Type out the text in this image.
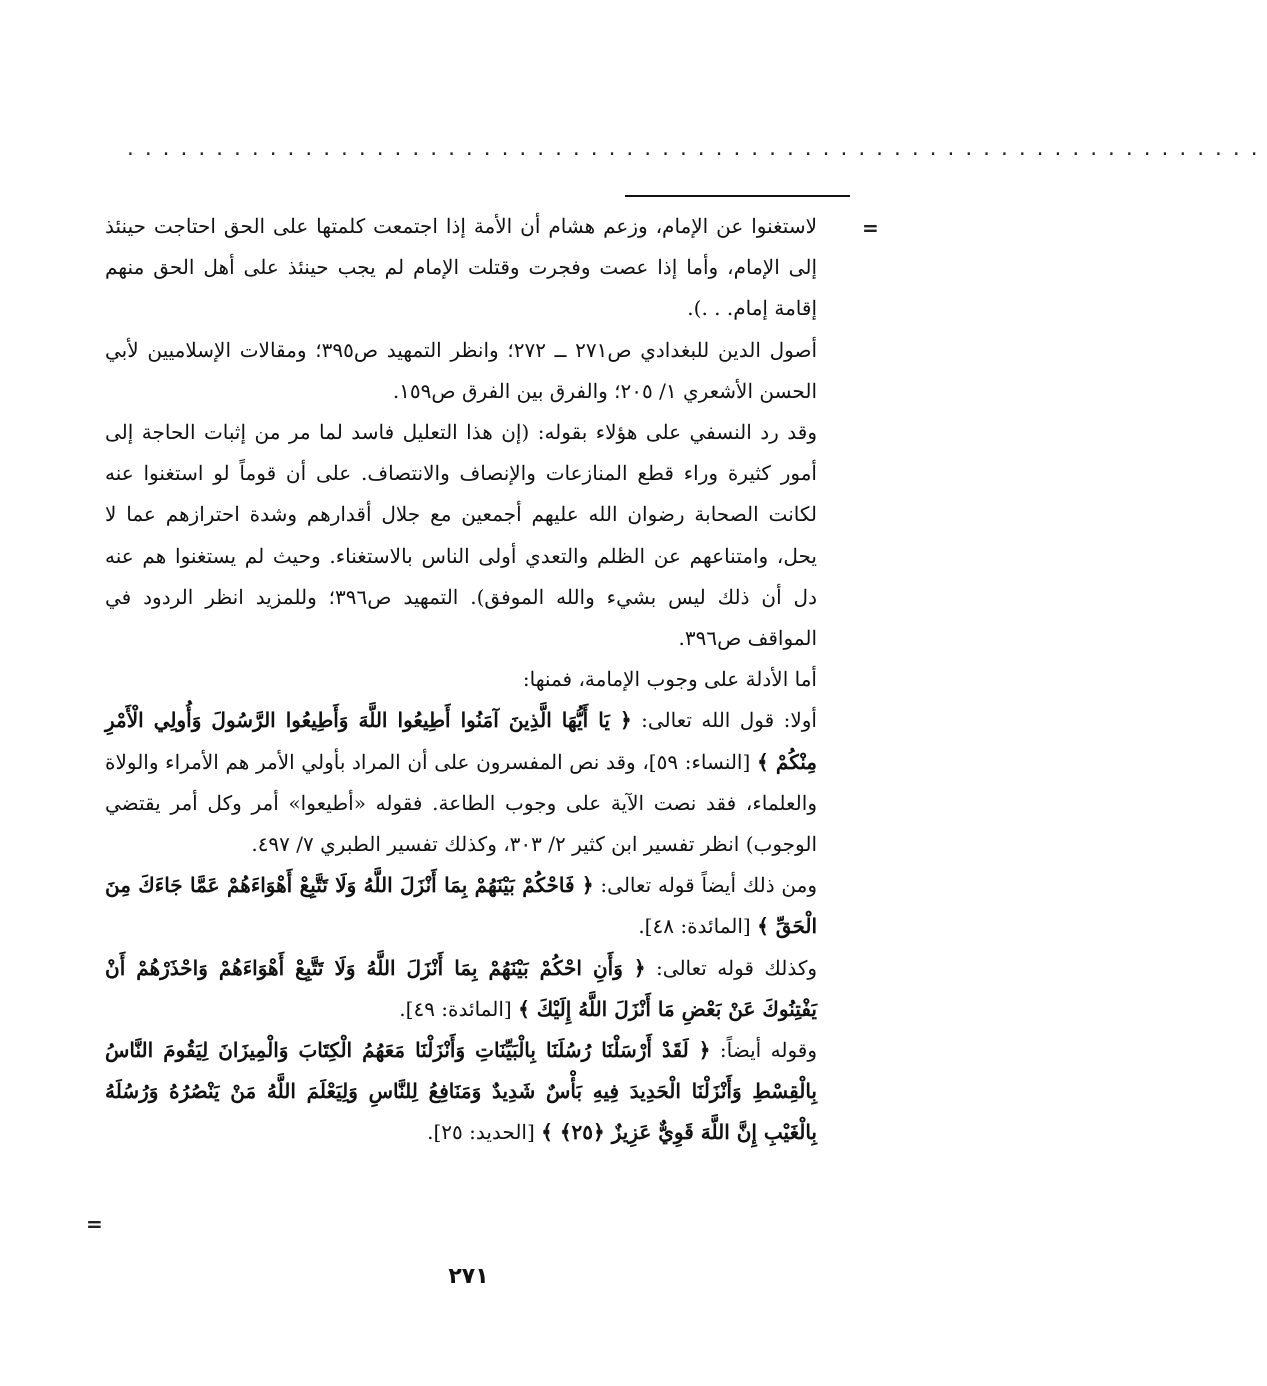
................................................................
=

لاستغنوا عن الإمام، وزعم هشام أن الأمة إذا اجتمعت كلمتها على الحق احتاجت حينئذ إلى الإمام، وأما إذا عصت وفجرت وقتلت الإمام لم يجب حينئذ على أهل الحق منهم إقامة إمام. . .).

أصول الدين للبغدادي ص٢٧١ ــ ٢٧٢؛ وانظر التمهيد ص٣٩٥؛ ومقالات الإسلاميين لأبي الحسن الأشعري ١/ ٢٠٥؛ والفرق بين الفرق ص١٥٩.

وقد رد النسفي على هؤلاء بقوله: (إن هذا التعليل فاسد لما مر من إثبات الحاجة إلى أمور كثيرة وراء قطع المنازعات والإنصاف والانتصاف. على أن قوماً لو استغنوا عنه لكانت الصحابة رضوان الله عليهم أجمعين مع جلال أقدارهم وشدة احترازهم عما لا يحل، وامتناعهم عن الظلم والتعدي أولى الناس بالاستغناء. وحيث لم يستغنوا هم عنه دل أن ذلك ليس بشيء والله الموفق). التمهيد ص٣٩٦؛ وللمزيد انظر الردود في المواقف ص٣٩٦.

أما الأدلة على وجوب الإمامة، فمنها:

أولا: قول الله تعالى: ﴿ يَا أَيُّهَا الَّذِينَ آمَنُوا أَطِيعُوا اللَّهَ وَأَطِيعُوا الرَّسُولَ وَأُولِي الْأَمْرِ مِنْكُمْ ﴾ [النساء: ٥٩]، وقد نص المفسرون على أن المراد بأولي الأمر هم الأمراء والولاة والعلماء، فقد نصت الآية على وجوب الطاعة. فقوله «أطيعوا» أمر وكل أمر يقتضي الوجوب) انظر تفسير ابن كثير ٢/ ٣٠٣، وكذلك تفسير الطبري ٧/ ٤٩٧.

ومن ذلك أيضاً قوله تعالى: ﴿ فَاحْكُمْ بَيْنَهُمْ بِمَا أَنْزَلَ اللَّهُ وَلَا تَتَّبِعْ أَهْوَاءَهُمْ عَمَّا جَاءَكَ مِنَ الْحَقِّ ﴾ [المائدة: ٤٨].

وكذلك قوله تعالى: ﴿ وَأَنِ احْكُمْ بَيْنَهُمْ بِمَا أَنْزَلَ اللَّهُ وَلَا تَتَّبِعْ أَهْوَاءَهُمْ وَاحْذَرْهُمْ أَنْ يَفْتِنُوكَ عَنْ بَعْضِ مَا أَنْزَلَ اللَّهُ إِلَيْكَ ﴾ [المائدة: ٤٩].

وقوله أيضاً: ﴿ لَقَدْ أَرْسَلْنَا رُسُلَنَا بِالْبَيِّنَاتِ وَأَنْزَلْنَا مَعَهُمُ الْكِتَابَ وَالْمِيزَانَ لِيَقُومَ النَّاسُ بِالْقِسْطِ وَأَنْزَلْنَا الْحَدِيدَ فِيهِ بَأْسٌ شَدِيدٌ وَمَنَافِعُ لِلنَّاسِ وَلِيَعْلَمَ اللَّهُ مَنْ يَنْصُرُهُ وَرُسُلَهُ بِالْغَيْبِ إِنَّ اللَّهَ قَوِيٌّ عَزِيزٌ ﴿٢٥﴾ ﴾ [الحديد: ٢٥].

=
٢٧١
